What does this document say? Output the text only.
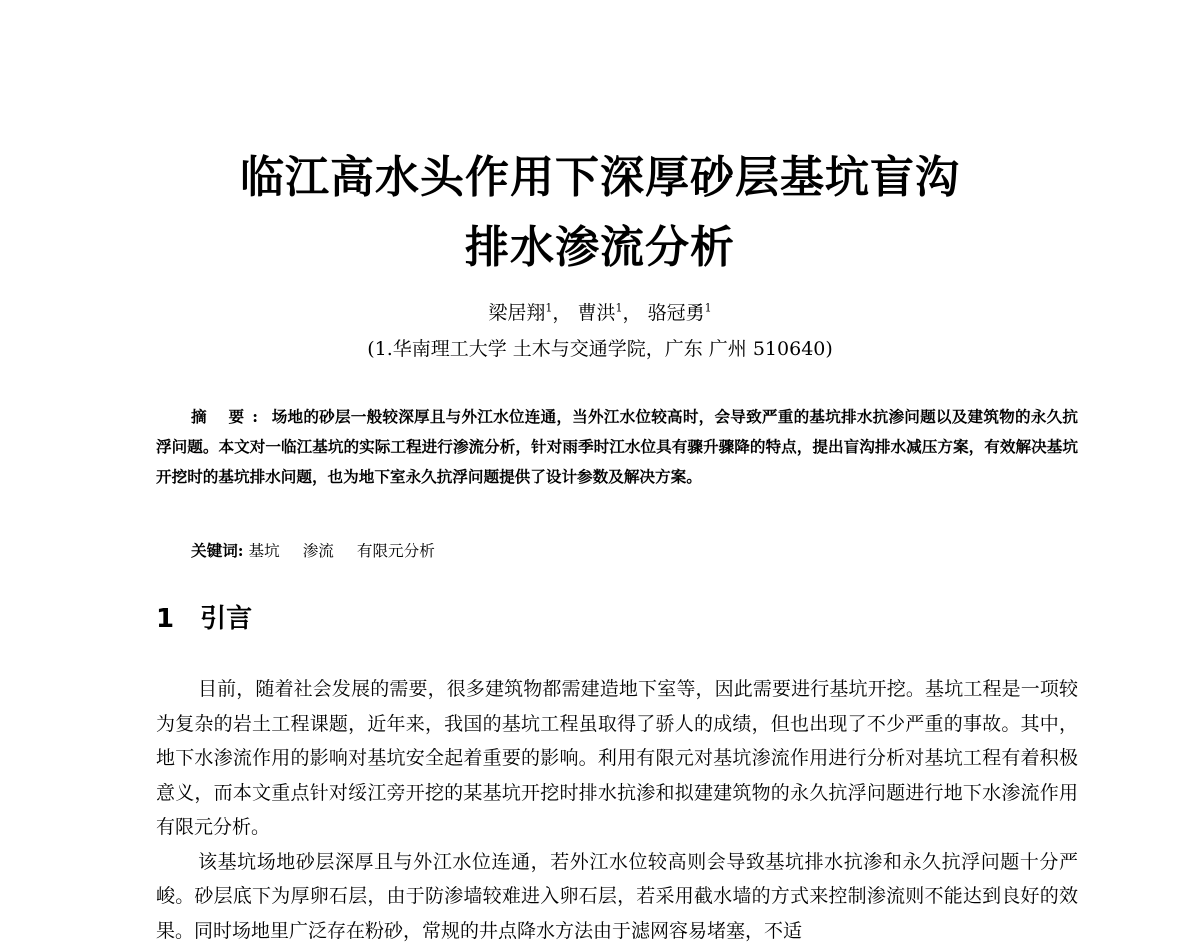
临江高水头作用下深厚砂层基坑盲沟
排水渗流分析
梁居翔$^1$， 曹洪$^1$， 骆冠勇$^1$
(1.华南理工大学 土木与交通学院，广东 广州 510640)
摘 要: 场地的砂层一般较深厚且与外江水位连通，当外江水位较高时，会导致严重的基坑排水抗渗问题以及建筑物的永久抗浮问题。本文对一临江基坑的实际工程进行渗流分析，针对雨季时江水位具有骤升骤降的特点，提出盲沟排水减压方案，有效解决基坑开挖时的基坑排水问题，也为地下室永久抗浮问题提供了设计参数及解决方案。
关键词: 基坑 渗流 有限元分析
1 引言

目前，随着社会发展的需要，很多建筑物都需建造地下室等，因此需要进行基坑开挖。基坑工程是一项较为复杂的岩土工程课题，近年来，我国的基坑工程虽取得了骄人的成绩，但也出现了不少严重的事故。其中，地下水渗流作用的影响对基坑安全起着重要的影响。利用有限元对基坑渗流作用进行分析对基坑工程有着积极意义，而本文重点针对绥江旁开挖的某基坑开挖时排水抗渗和拟建建筑物的永久抗浮问题进行地下水渗流作用有限元分析。

该基坑场地砂层深厚且与外江水位连通，若外江水位较高则会导致基坑排水抗渗和永久抗浮问题十分严峻。砂层底下为厚卵石层，由于防渗墙较难进入卵石层，若采用截水墙的方式来控制渗流则不能达到良好的效果。同时场地里广泛存在粉砂，常规的井点降水方法由于滤网容易堵塞，不适
